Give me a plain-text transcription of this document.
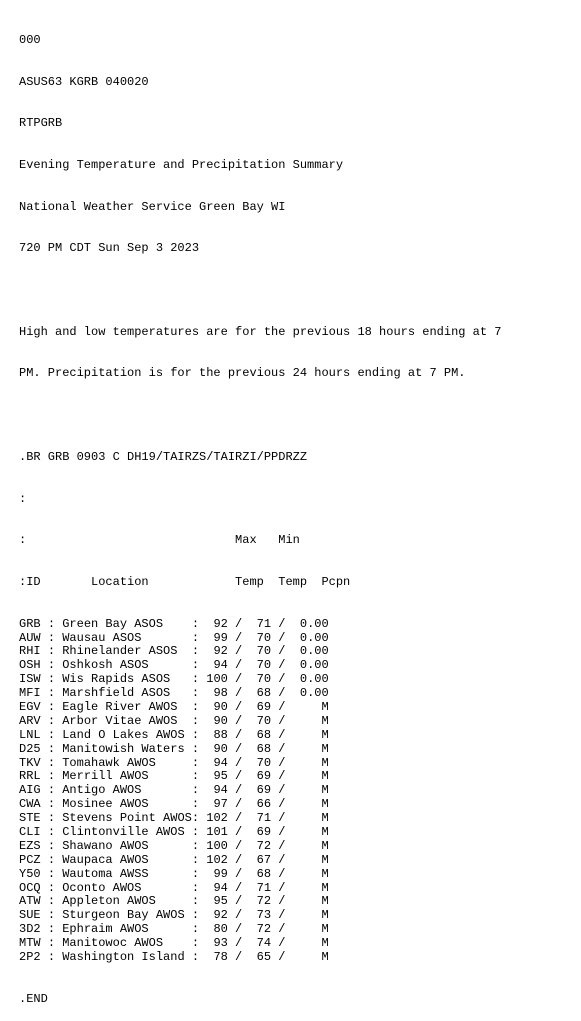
000

ASUS63 KGRB 040020

RTPGRB

Evening Temperature and Precipitation Summary

National Weather Service Green Bay WI

720 PM CDT Sun Sep 3 2023

High and low temperatures are for the previous 18 hours ending at 7

PM. Precipitation is for the previous 24 hours ending at 7 PM.

.BR GRB 0903 C DH19/TAIRZS/TAIRZI/PPDRZZ

:

:                             Max   Min

:ID       Location            Temp  Temp  Pcpn

GRB : Green Bay ASOS    :  92 /  71 /  0.00
AUW : Wausau ASOS       :  99 /  70 /  0.00
RHI : Rhinelander ASOS  :  92 /  70 /  0.00
OSH : Oshkosh ASOS      :  94 /  70 /  0.00
ISW : Wis Rapids ASOS   : 100 /  70 /  0.00
MFI : Marshfield ASOS   :  98 /  68 /  0.00
EGV : Eagle River AWOS  :  90 /  69 /     M
ARV : Arbor Vitae AWOS  :  90 /  70 /     M
LNL : Land O Lakes AWOS :  88 /  68 /     M
D25 : Manitowish Waters :  90 /  68 /     M
TKV : Tomahawk AWOS     :  94 /  70 /     M
RRL : Merrill AWOS      :  95 /  69 /     M
AIG : Antigo AWOS       :  94 /  69 /     M
CWA : Mosinee AWOS      :  97 /  66 /     M
STE : Stevens Point AWOS: 102 /  71 /     M
CLI : Clintonville AWOS : 101 /  69 /     M
EZS : Shawano AWOS      : 100 /  72 /     M
PCZ : Waupaca AWOS      : 102 /  67 /     M
Y50 : Wautoma AWSS      :  99 /  68 /     M
OCQ : Oconto AWOS       :  94 /  71 /     M
ATW : Appleton AWOS     :  95 /  72 /     M
SUE : Sturgeon Bay AWOS :  92 /  73 /     M
3D2 : Ephraim AWOS      :  80 /  72 /     M
MTW : Manitowoc AWOS    :  93 /  74 /     M
2P2 : Washington Island :  78 /  65 /     M

.END
